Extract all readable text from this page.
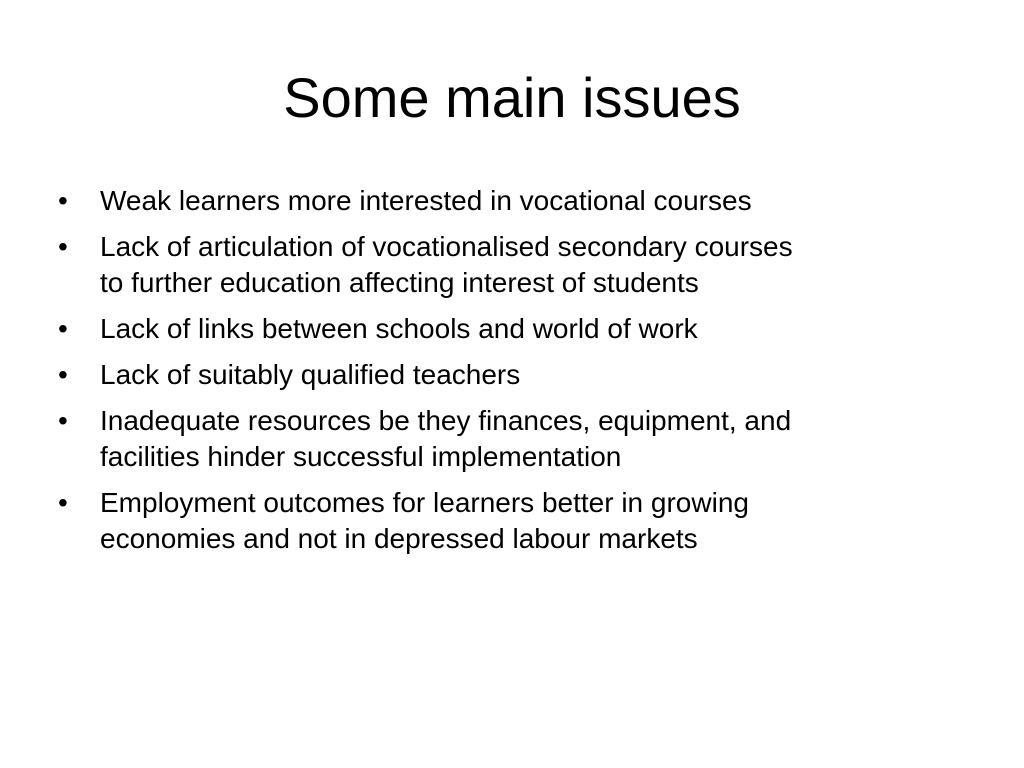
Some main issues
•	Weak learners more interested in vocational courses
•	Lack of articulation of vocationalised secondary courses
to further education affecting interest of students
•	Lack of links between schools and world of work
•	Lack of suitably qualified teachers
•	Inadequate resources be they finances, equipment, and
facilities hinder successful implementation
•	Employment outcomes for learners better in growing
economies and not in depressed labour markets
